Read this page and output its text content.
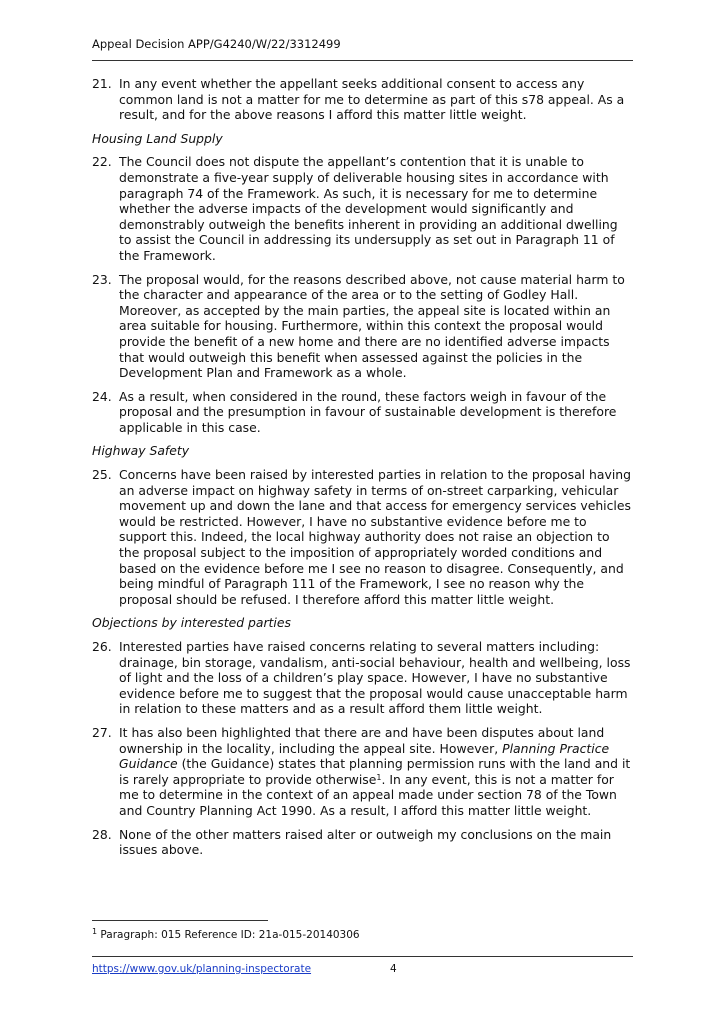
Appeal Decision APP/G4240/W/22/3312499
21. In any event whether the appellant seeks additional consent to access any common land is not a matter for me to determine as part of this s78 appeal. As a result, and for the above reasons I afford this matter little weight.
Housing Land Supply
22. The Council does not dispute the appellant’s contention that it is unable to demonstrate a five-year supply of deliverable housing sites in accordance with paragraph 74 of the Framework. As such, it is necessary for me to determine whether the adverse impacts of the development would significantly and demonstrably outweigh the benefits inherent in providing an additional dwelling to assist the Council in addressing its undersupply as set out in Paragraph 11 of the Framework.
23. The proposal would, for the reasons described above, not cause material harm to the character and appearance of the area or to the setting of Godley Hall. Moreover, as accepted by the main parties, the appeal site is located within an area suitable for housing. Furthermore, within this context the proposal would provide the benefit of a new home and there are no identified adverse impacts that would outweigh this benefit when assessed against the policies in the Development Plan and Framework as a whole.
24. As a result, when considered in the round, these factors weigh in favour of the proposal and the presumption in favour of sustainable development is therefore applicable in this case.
Highway Safety
25. Concerns have been raised by interested parties in relation to the proposal having an adverse impact on highway safety in terms of on-street carparking, vehicular movement up and down the lane and that access for emergency services vehicles would be restricted. However, I have no substantive evidence before me to support this. Indeed, the local highway authority does not raise an objection to the proposal subject to the imposition of appropriately worded conditions and based on the evidence before me I see no reason to disagree. Consequently, and being mindful of Paragraph 111 of the Framework, I see no reason why the proposal should be refused. I therefore afford this matter little weight.
Objections by interested parties
26. Interested parties have raised concerns relating to several matters including: drainage, bin storage, vandalism, anti-social behaviour, health and wellbeing, loss of light and the loss of a children’s play space. However, I have no substantive evidence before me to suggest that the proposal would cause unacceptable harm in relation to these matters and as a result afford them little weight.
27. It has also been highlighted that there are and have been disputes about land ownership in the locality, including the appeal site. However, Planning Practice Guidance (the Guidance) states that planning permission runs with the land and it is rarely appropriate to provide otherwise$^1$. In any event, this is not a matter for me to determine in the context of an appeal made under section 78 of the Town and Country Planning Act 1990. As a result, I afford this matter little weight.
28. None of the other matters raised alter or outweigh my conclusions on the main issues above.
$^1$ Paragraph: 015 Reference ID: 21a-015-20140306
https://www.gov.uk/planning-inspectorate	4
